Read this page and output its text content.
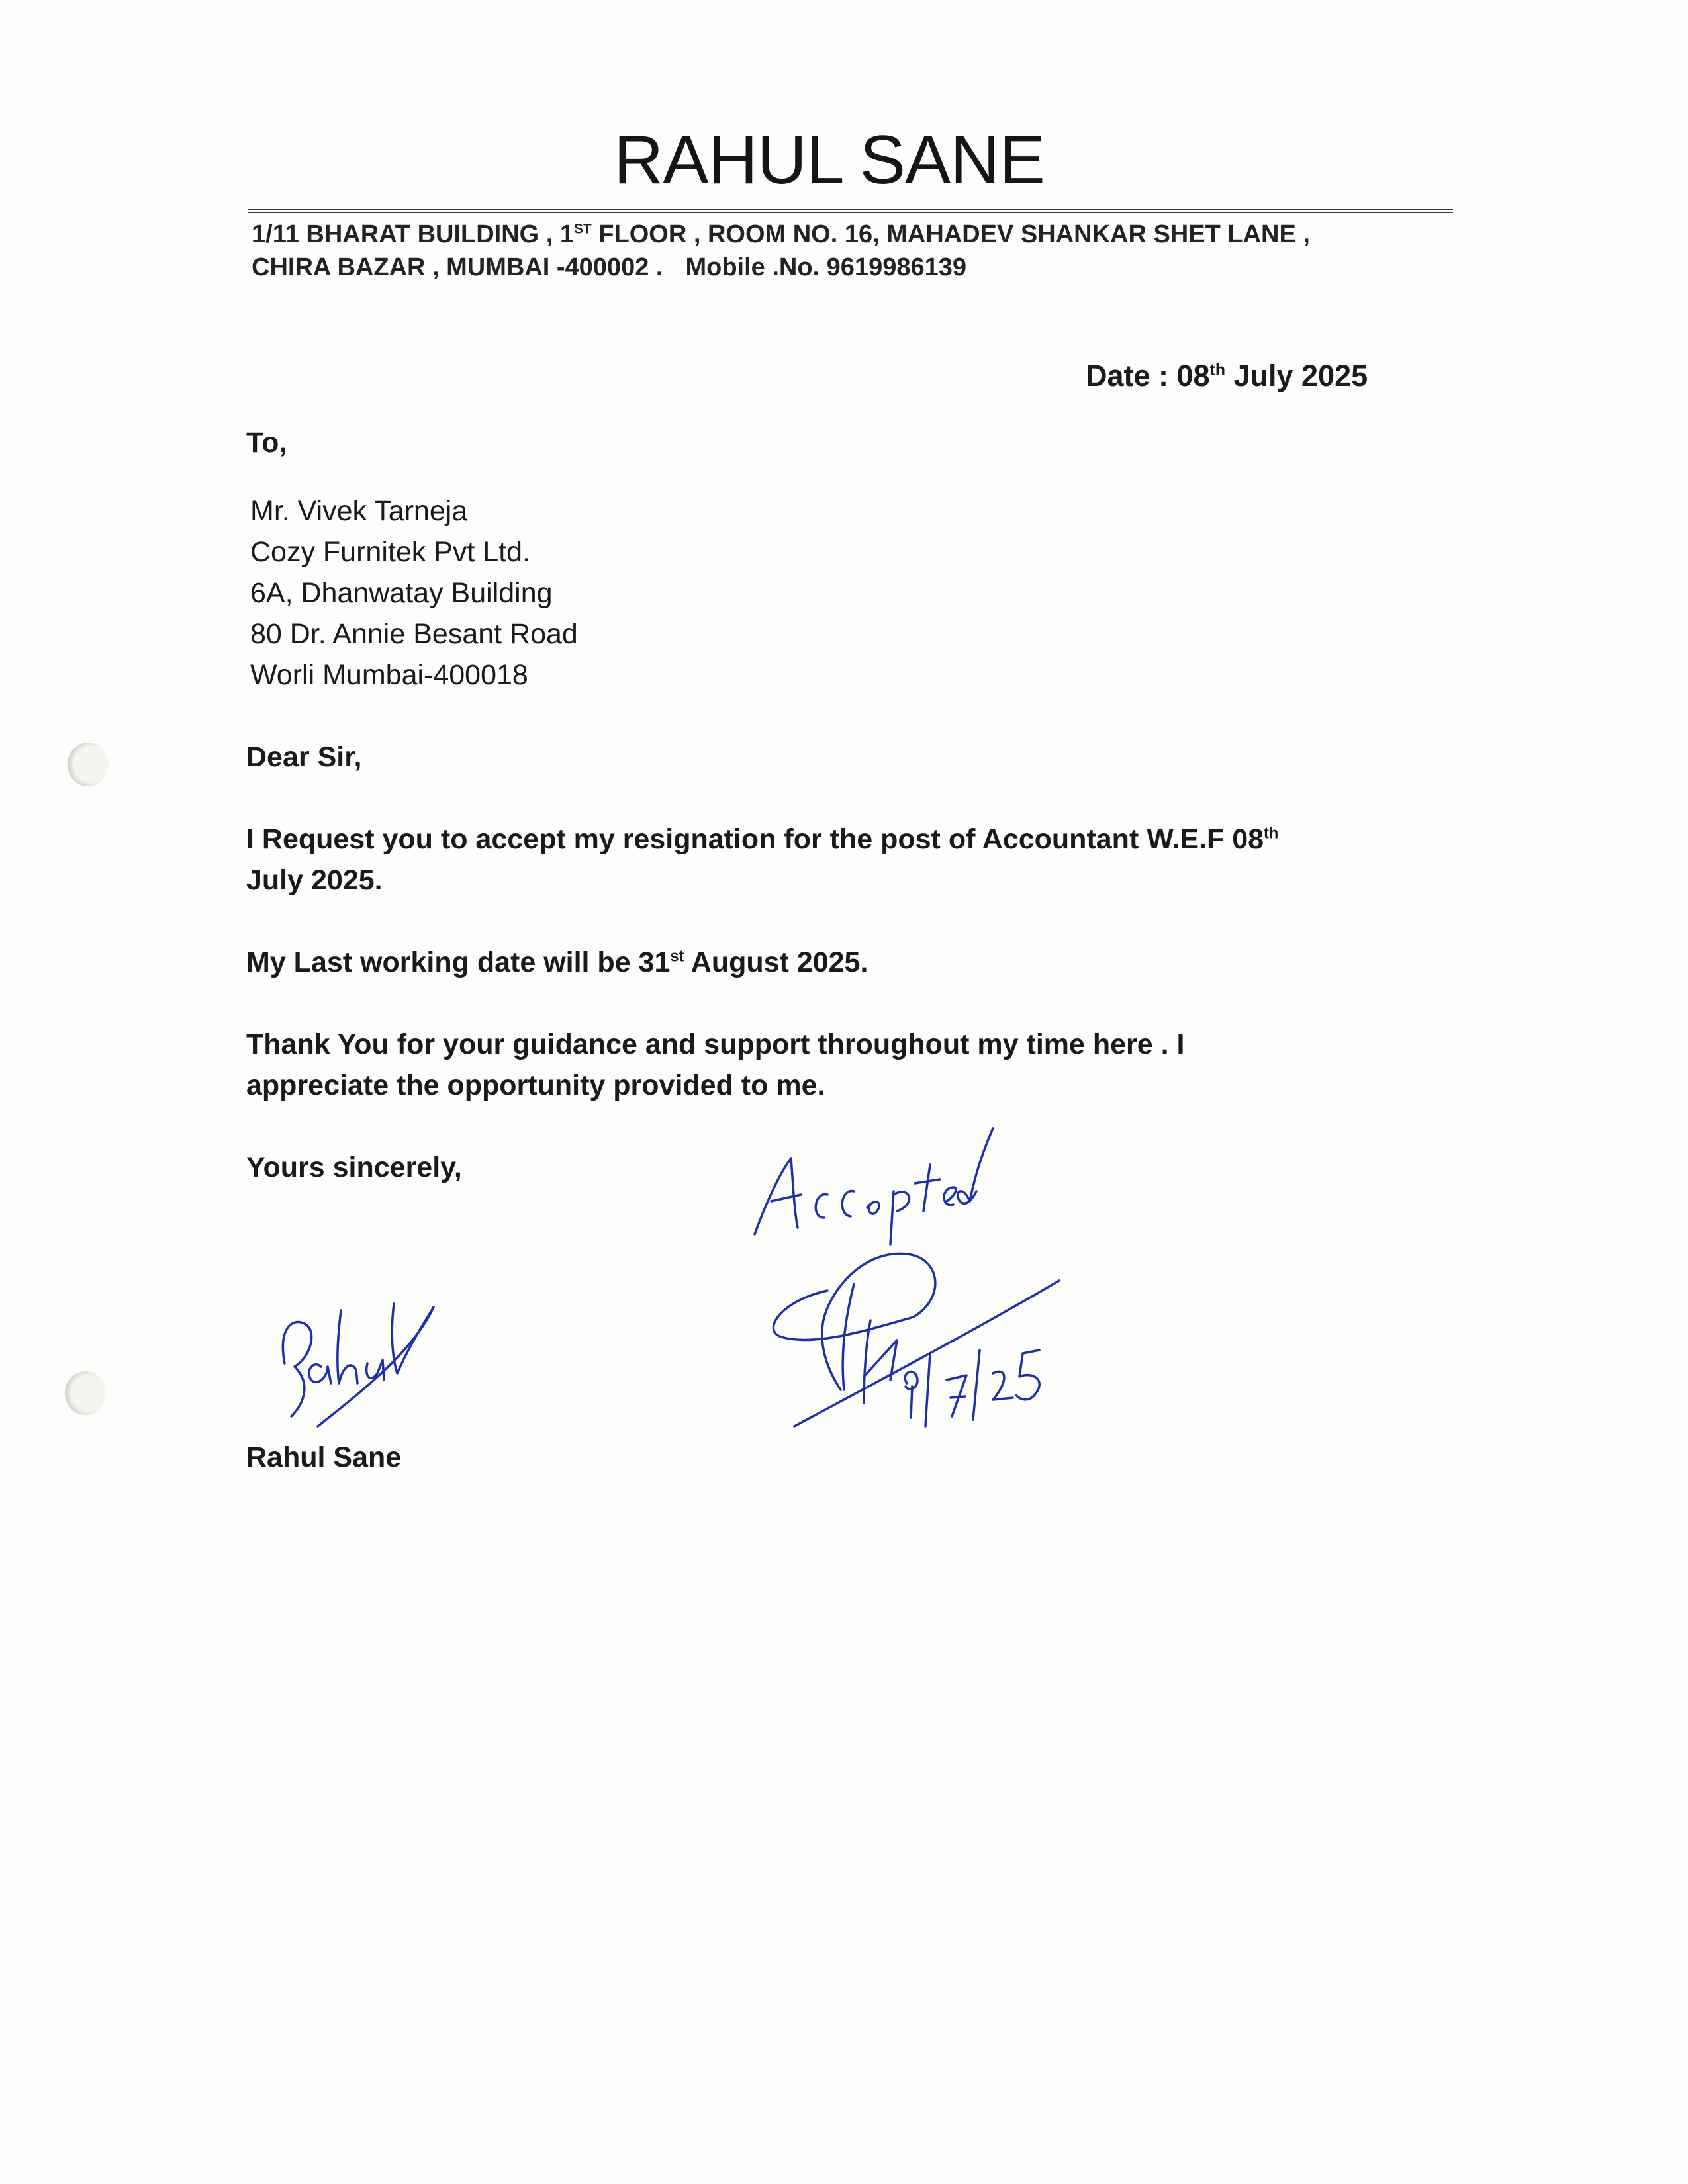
RAHUL SANE
1/11 BHARAT BUILDING , 1ST FLOOR , ROOM NO. 16, MAHADEV SHANKAR SHET LANE ,
CHIRA BAZAR , MUMBAI -400002 . Mobile .No. 9619986139
Date : 08th July 2025
To,
Mr. Vivek Tarneja
Cozy Furnitek Pvt Ltd.
6A, Dhanwatay Building
80 Dr. Annie Besant Road
Worli Mumbai-400018
Dear Sir,
I Request you to accept my resignation for the post of Accountant W.E.F 08th
July 2025.
My Last working date will be 31st August 2025.
Thank You for your guidance and support throughout my time here . I
appreciate the opportunity provided to me.
Yours sincerely,
Rahul Sane
